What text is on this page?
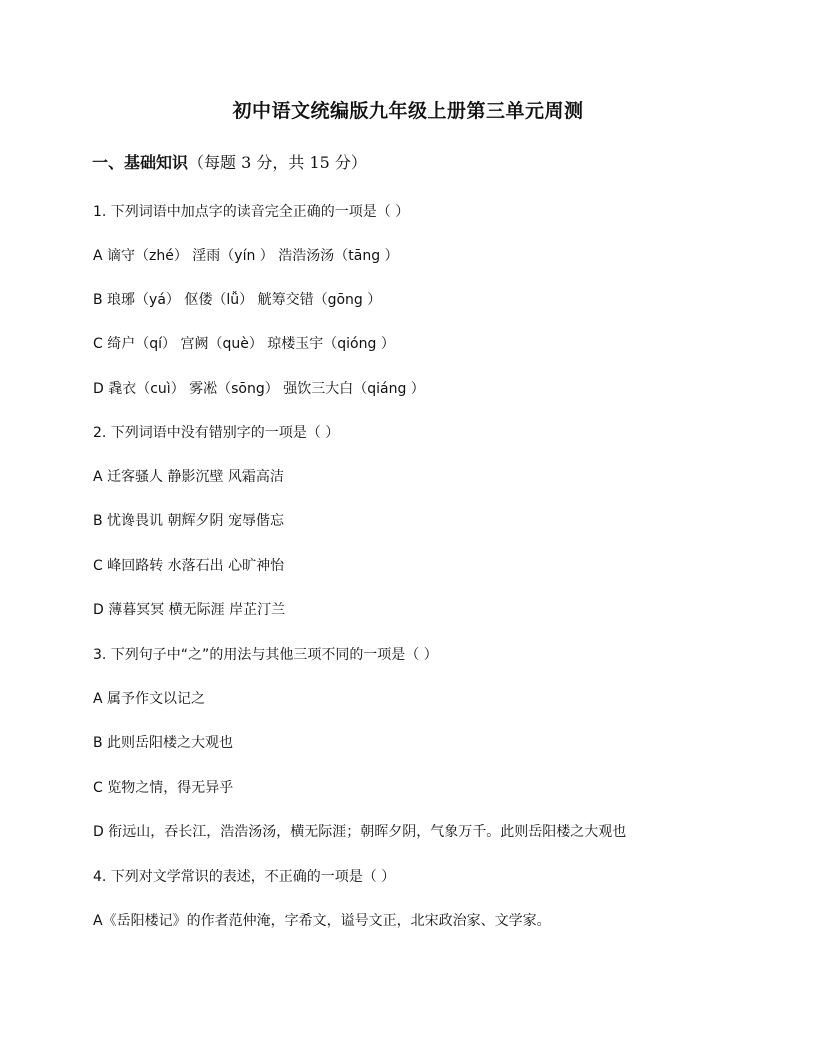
初中语文统编版九年级上册第三单元周测
一、基础知识（每题 3 分，共 15 分）
1. 下列词语中加点字的读音完全正确的一项是（ ）
A 谪守（zhé） 淫雨（yín ） 浩浩汤汤（tāng ）
B 琅琊（yá） 伛偻（lǚ） 觥筹交错（gōng ）
C 绮户（qí） 宫阙（què） 琼楼玉宇（qióng ）
D 毳衣（cuì） 雾凇（sōng） 强饮三大白（qiáng ）
2. 下列词语中没有错别字的一项是（ ）
A 迁客骚人 静影沉壁 风霜高洁
B 忧谗畏讥 朝辉夕阴 宠辱偕忘
C 峰回路转 水落石出 心旷神怡
D 薄暮冥冥 横无际涯 岸芷汀兰
3. 下列句子中“之”的用法与其他三项不同的一项是（ ）
A 属予作文以记之
B 此则岳阳楼之大观也
C 览物之情，得无异乎
D 衔远山，吞长江，浩浩汤汤，横无际涯；朝晖夕阴，气象万千。此则岳阳楼之大观也
4. 下列对文学常识的表述，不正确的一项是（ ）
A《岳阳楼记》的作者范仲淹，字希文，谥号文正，北宋政治家、文学家。
